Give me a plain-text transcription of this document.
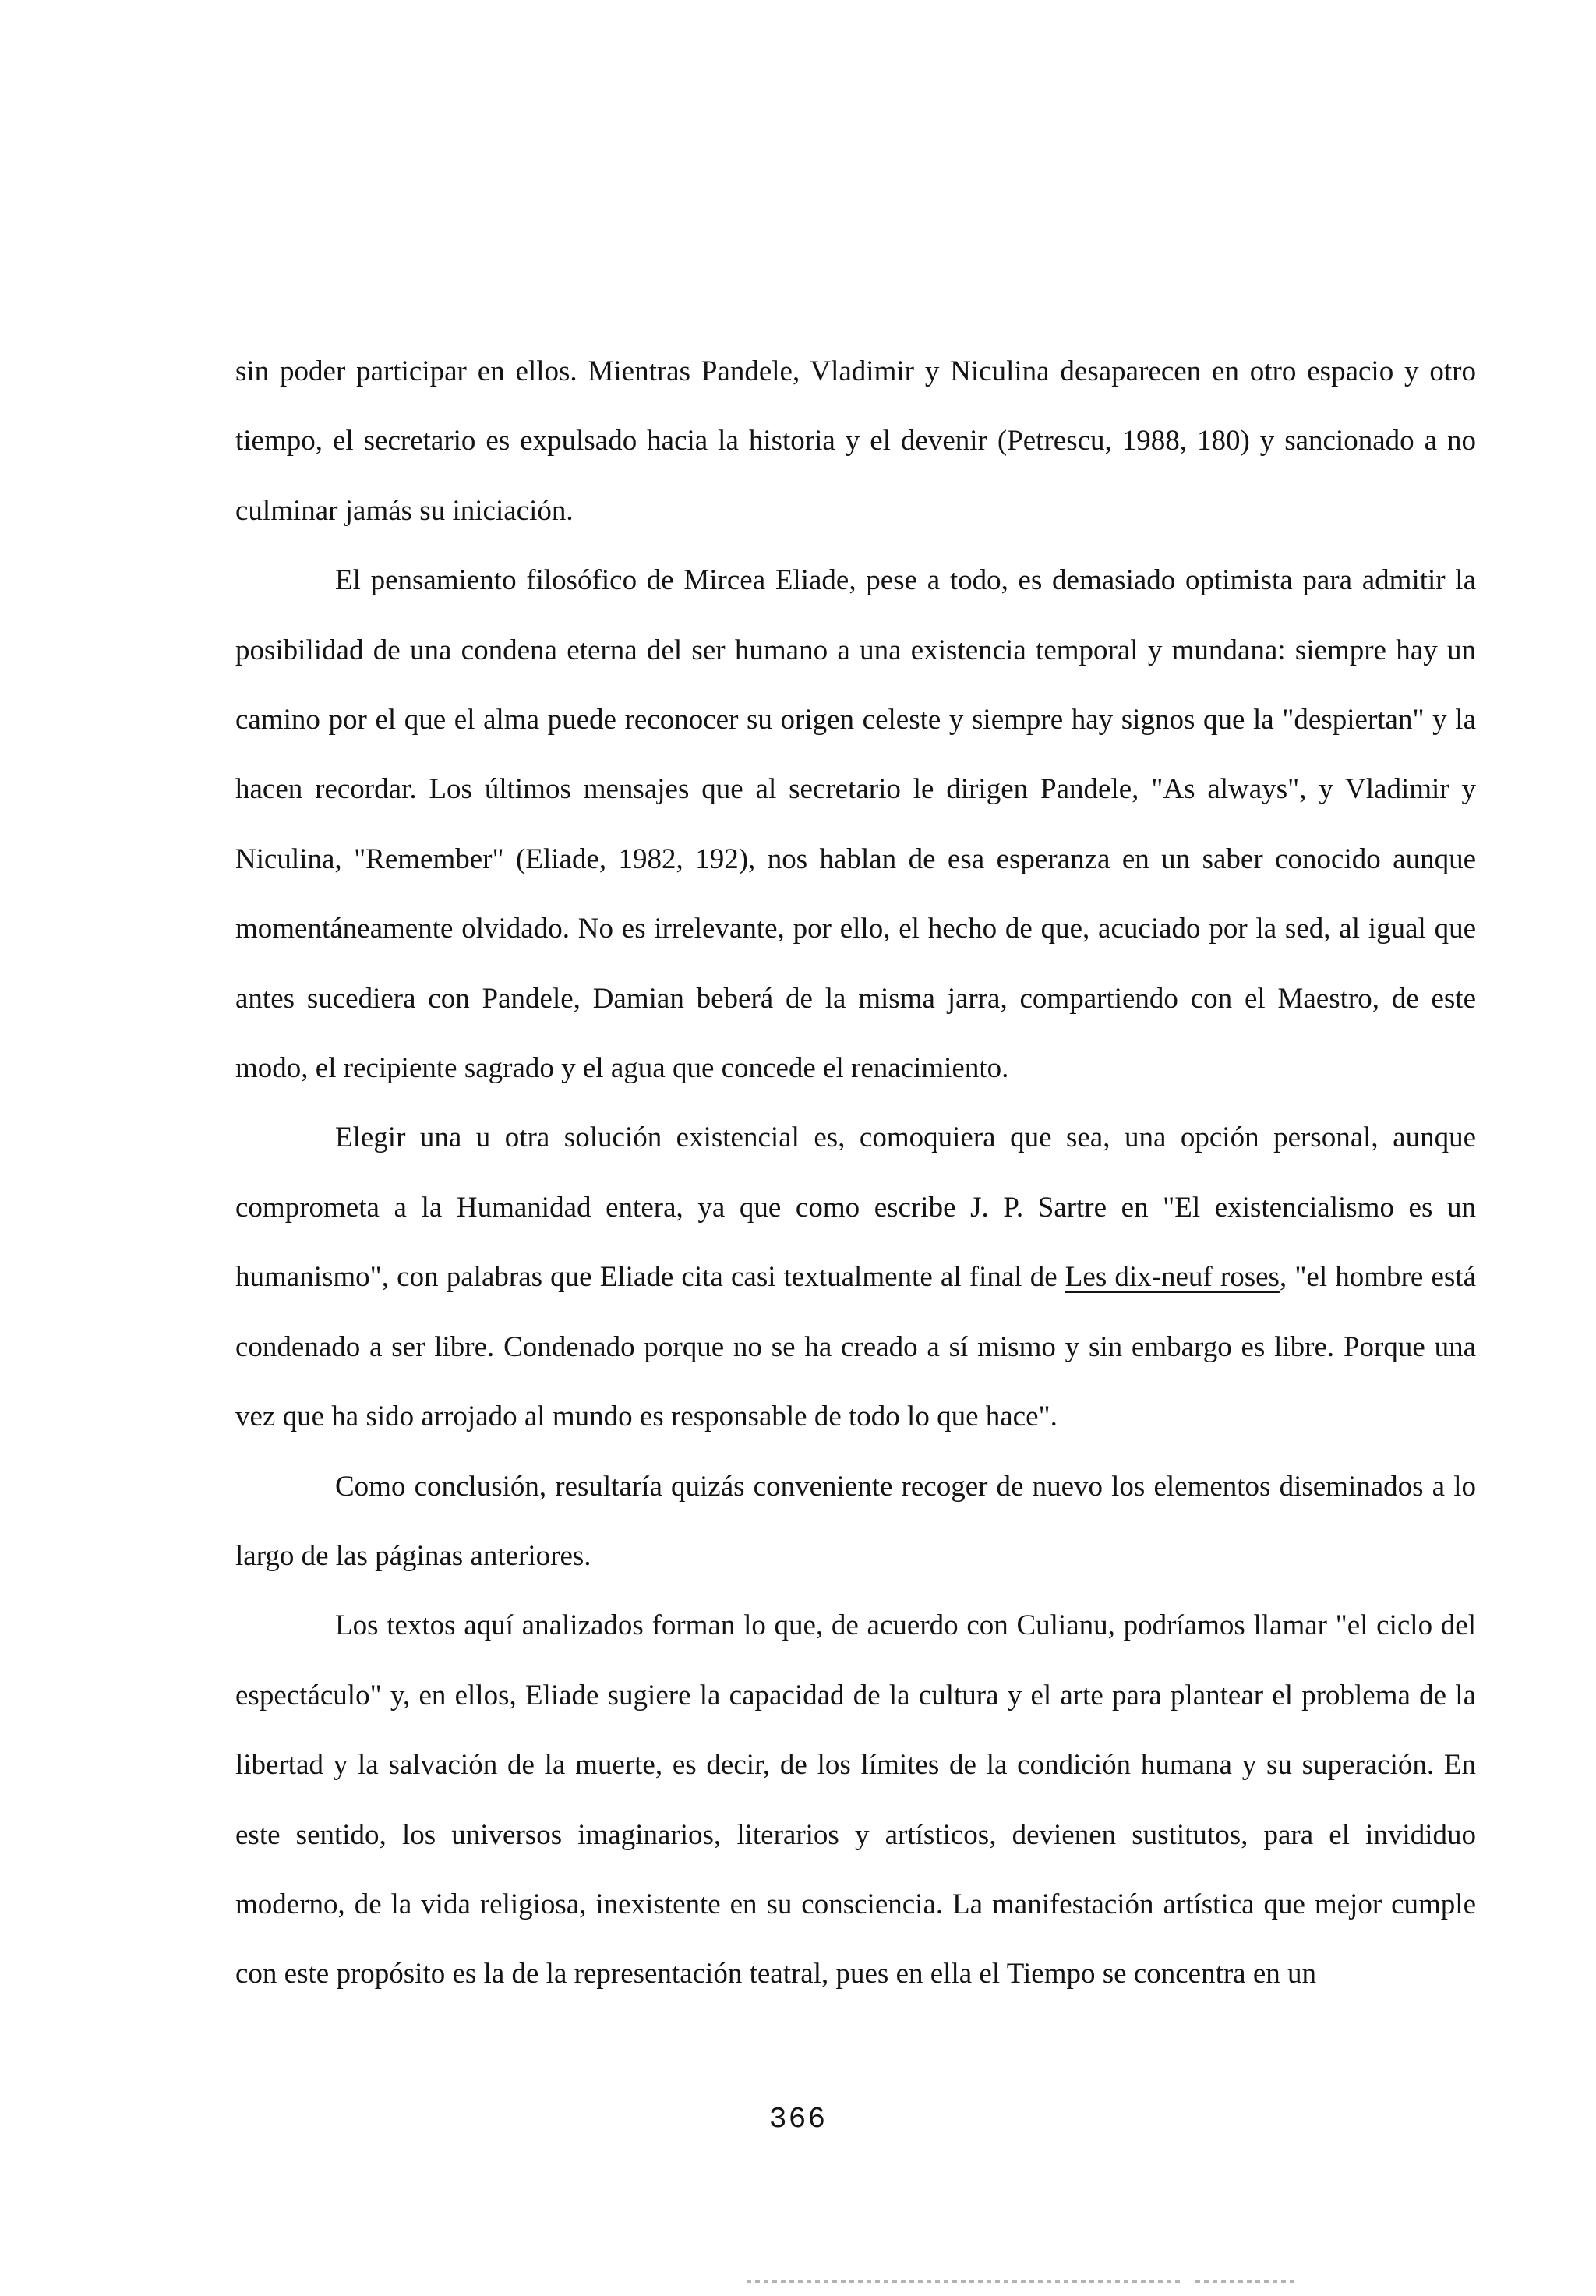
sin poder participar en ellos. Mientras Pandele, Vladimir y Niculina desaparecen en otro espacio y otro tiempo, el secretario es expulsado hacia la historia y el devenir (Petrescu, 1988, 180) y sancionado a no culminar jamás su iniciación.

El pensamiento filosófico de Mircea Eliade, pese a todo, es demasiado optimista para admitir la posibilidad de una condena eterna del ser humano a una existencia temporal y mundana: siempre hay un camino por el que el alma puede reconocer su origen celeste y siempre hay signos que la "despiertan" y la hacen recordar. Los últimos mensajes que al secretario le dirigen Pandele, "As always", y Vladimir y Niculina, "Remember" (Eliade, 1982, 192), nos hablan de esa esperanza en un saber conocido aunque momentáneamente olvidado. No es irrelevante, por ello, el hecho de que, acuciado por la sed, al igual que antes sucediera con Pandele, Damian beberá de la misma jarra, compartiendo con el Maestro, de este modo, el recipiente sagrado y el agua que concede el renacimiento.

Elegir una u otra solución existencial es, comoquiera que sea, una opción personal, aunque comprometa a la Humanidad entera, ya que como escribe J. P. Sartre en "El existencialismo es un humanismo", con palabras que Eliade cita casi textualmente al final de Les dix-neuf roses, "el hombre está condenado a ser libre. Condenado porque no se ha creado a sí mismo y sin embargo es libre. Porque una vez que ha sido arrojado al mundo es responsable de todo lo que hace".

Como conclusión, resultaría quizás conveniente recoger de nuevo los elementos diseminados a lo largo de las páginas anteriores.

Los textos aquí analizados forman lo que, de acuerdo con Culianu, podríamos llamar "el ciclo del espectáculo" y, en ellos, Eliade sugiere la capacidad de la cultura y el arte para plantear el problema de la libertad y la salvación de la muerte, es decir, de los límites de la condición humana y su superación. En este sentido, los universos imaginarios, literarios y artísticos, devienen sustitutos, para el invididuo moderno, de la vida religiosa, inexistente en su consciencia. La manifestación artística que mejor cumple con este propósito es la de la representación teatral, pues en ella el Tiempo se concentra en un

366
